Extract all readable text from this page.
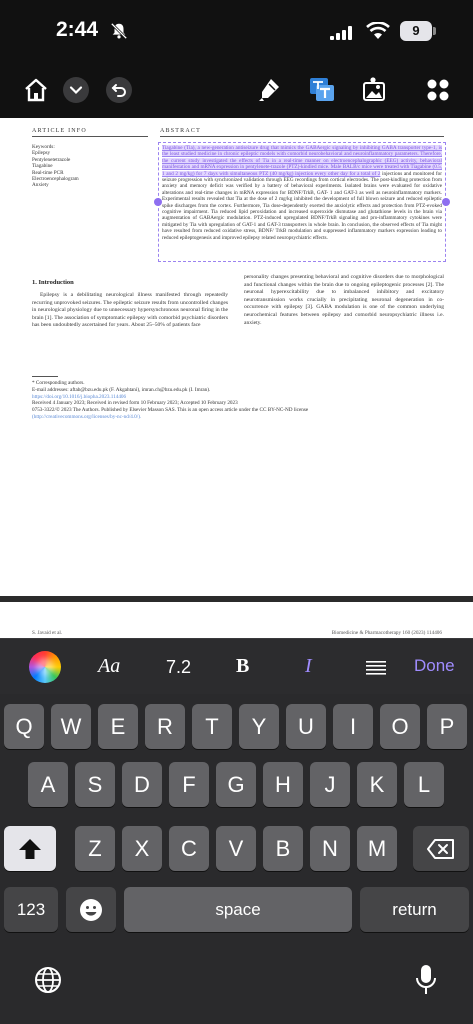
2:44	9
ARTICLE INFO	ABSTRACT
Keywords:
Epilepsy
Pentylenetetrazole
Tiagabine
Real-time PCR
Electroencephalogram
Anxiety
Tiagabine (Tia), a new-generation antiseizure drug that mimics the GABAergic signaling by inhibiting GABA transporter type-1, is the least studied medicine in chronic epileptic models with comorbid neurobehavioral and neuroinflammatory parameters. Therefore, the current study investigated the effects of Tia in a real-time manner on electroencephalographic (EEG) activity, behavioral manifestation and mRNA expression in pentylenete-trazole (PTZ)-kindled mice. Male BALB/c mice were treated with Tiagabine (0.5, 1 and 2 mg/kg) for 7 days with simultaneous PTZ (40 mg/kg) injection every other day for a total of 2 injections and monitored for seizure progression with synchronized validation through EEG recordings from cortical electrodes. The post-kindling protection from anxiety and memory deficit was verified by a battery of behavioral experiments. Isolated brains were evaluated for oxidative alterations and real-time changes in mRNA expression for BDNF/TrkB, GAT- 1 and GAT-3 as well as neuroinflammatory markers. Experimental results revealed that Tia at the dose of 2 mg/kg inhibited the development of full blown seizure and reduced epileptic spike discharges from the cortex. Furthermore, Tia dose-dependently exerted the anxiolytic effects and protection from PTZ-evoked cognitive impairment. Tia reduced lipid peroxidation and increased superoxide dismutase and glutathione levels in the brain via augmentation of GABAergic modulation. PTZ-induced upregulated BDNF/TrkB signaling and pro-inflammatory cytokines were mitigated by Tia with upregulation of GAT-1 and GAT-3 transporters in whole brain. In conclusion, the observed effects of Tia might have resulted from reduced oxidative stress, BDNF/ TrkB modulation and suppressed inflammatory markers expression leading to reduced epileptogenesis and improved epilepsy related neuropsychiatric effects.
1. Introduction
Epilepsy is a debilitating neurological illness manifested through repeatedly recurring unprovoked seizures. The epileptic seizure results from uncontrolled changes in neurological physiology due to unnecessary hypersynchronous neuronal firing in the brain [1]. The association of symptomatic epilepsy with comorbid psychiatric disorders has been undoubtedly ascertained for years. About 25–50% of patients face
personality changes presenting behavioral and cognitive disorders due to morphological and functional changes within the brain due to ongoing epileptogenic processes [2]. The neuronal hyperexcitability due to imbalanced inhibitory and excitatory neurotransmission works crucially in precipitating neuronal degeneration in co-occurrence with epilepsy [3]. GABA modulation is one of the common underlying neurochemical features between epilepsy and comorbid neuropsychiatric illness i.e. anxiety.
* Corresponding authors.
E-mail addresses: aftab@bzu.edu.pk (F. Akgahtani), imran.ch@bzu.edu.pk (I. Imran).
https://doi.org/10.1016/j.biopha.2023.114406
Received 4 January 2023; Received in revised form 10 February 2023; Accepted 10 February 2023
0753-3322/© 2023 The Authors. Published by Elsevier Masson SAS. This is an open access article under the CC BY-NC-ND license
(http://creativecommons.org/licenses/by-nc-nd/4.0/).
S. Javaid et al.	Biomedicine & Pharmacotherapy 160 (2023) 114406
Aa	7.2 B	I	Done
Q	W	E	R	T	Y	U	I	O	P
A	S	D	F	G	H	J	K	L
Z	X	C	V	B	N	M
123	space	return
